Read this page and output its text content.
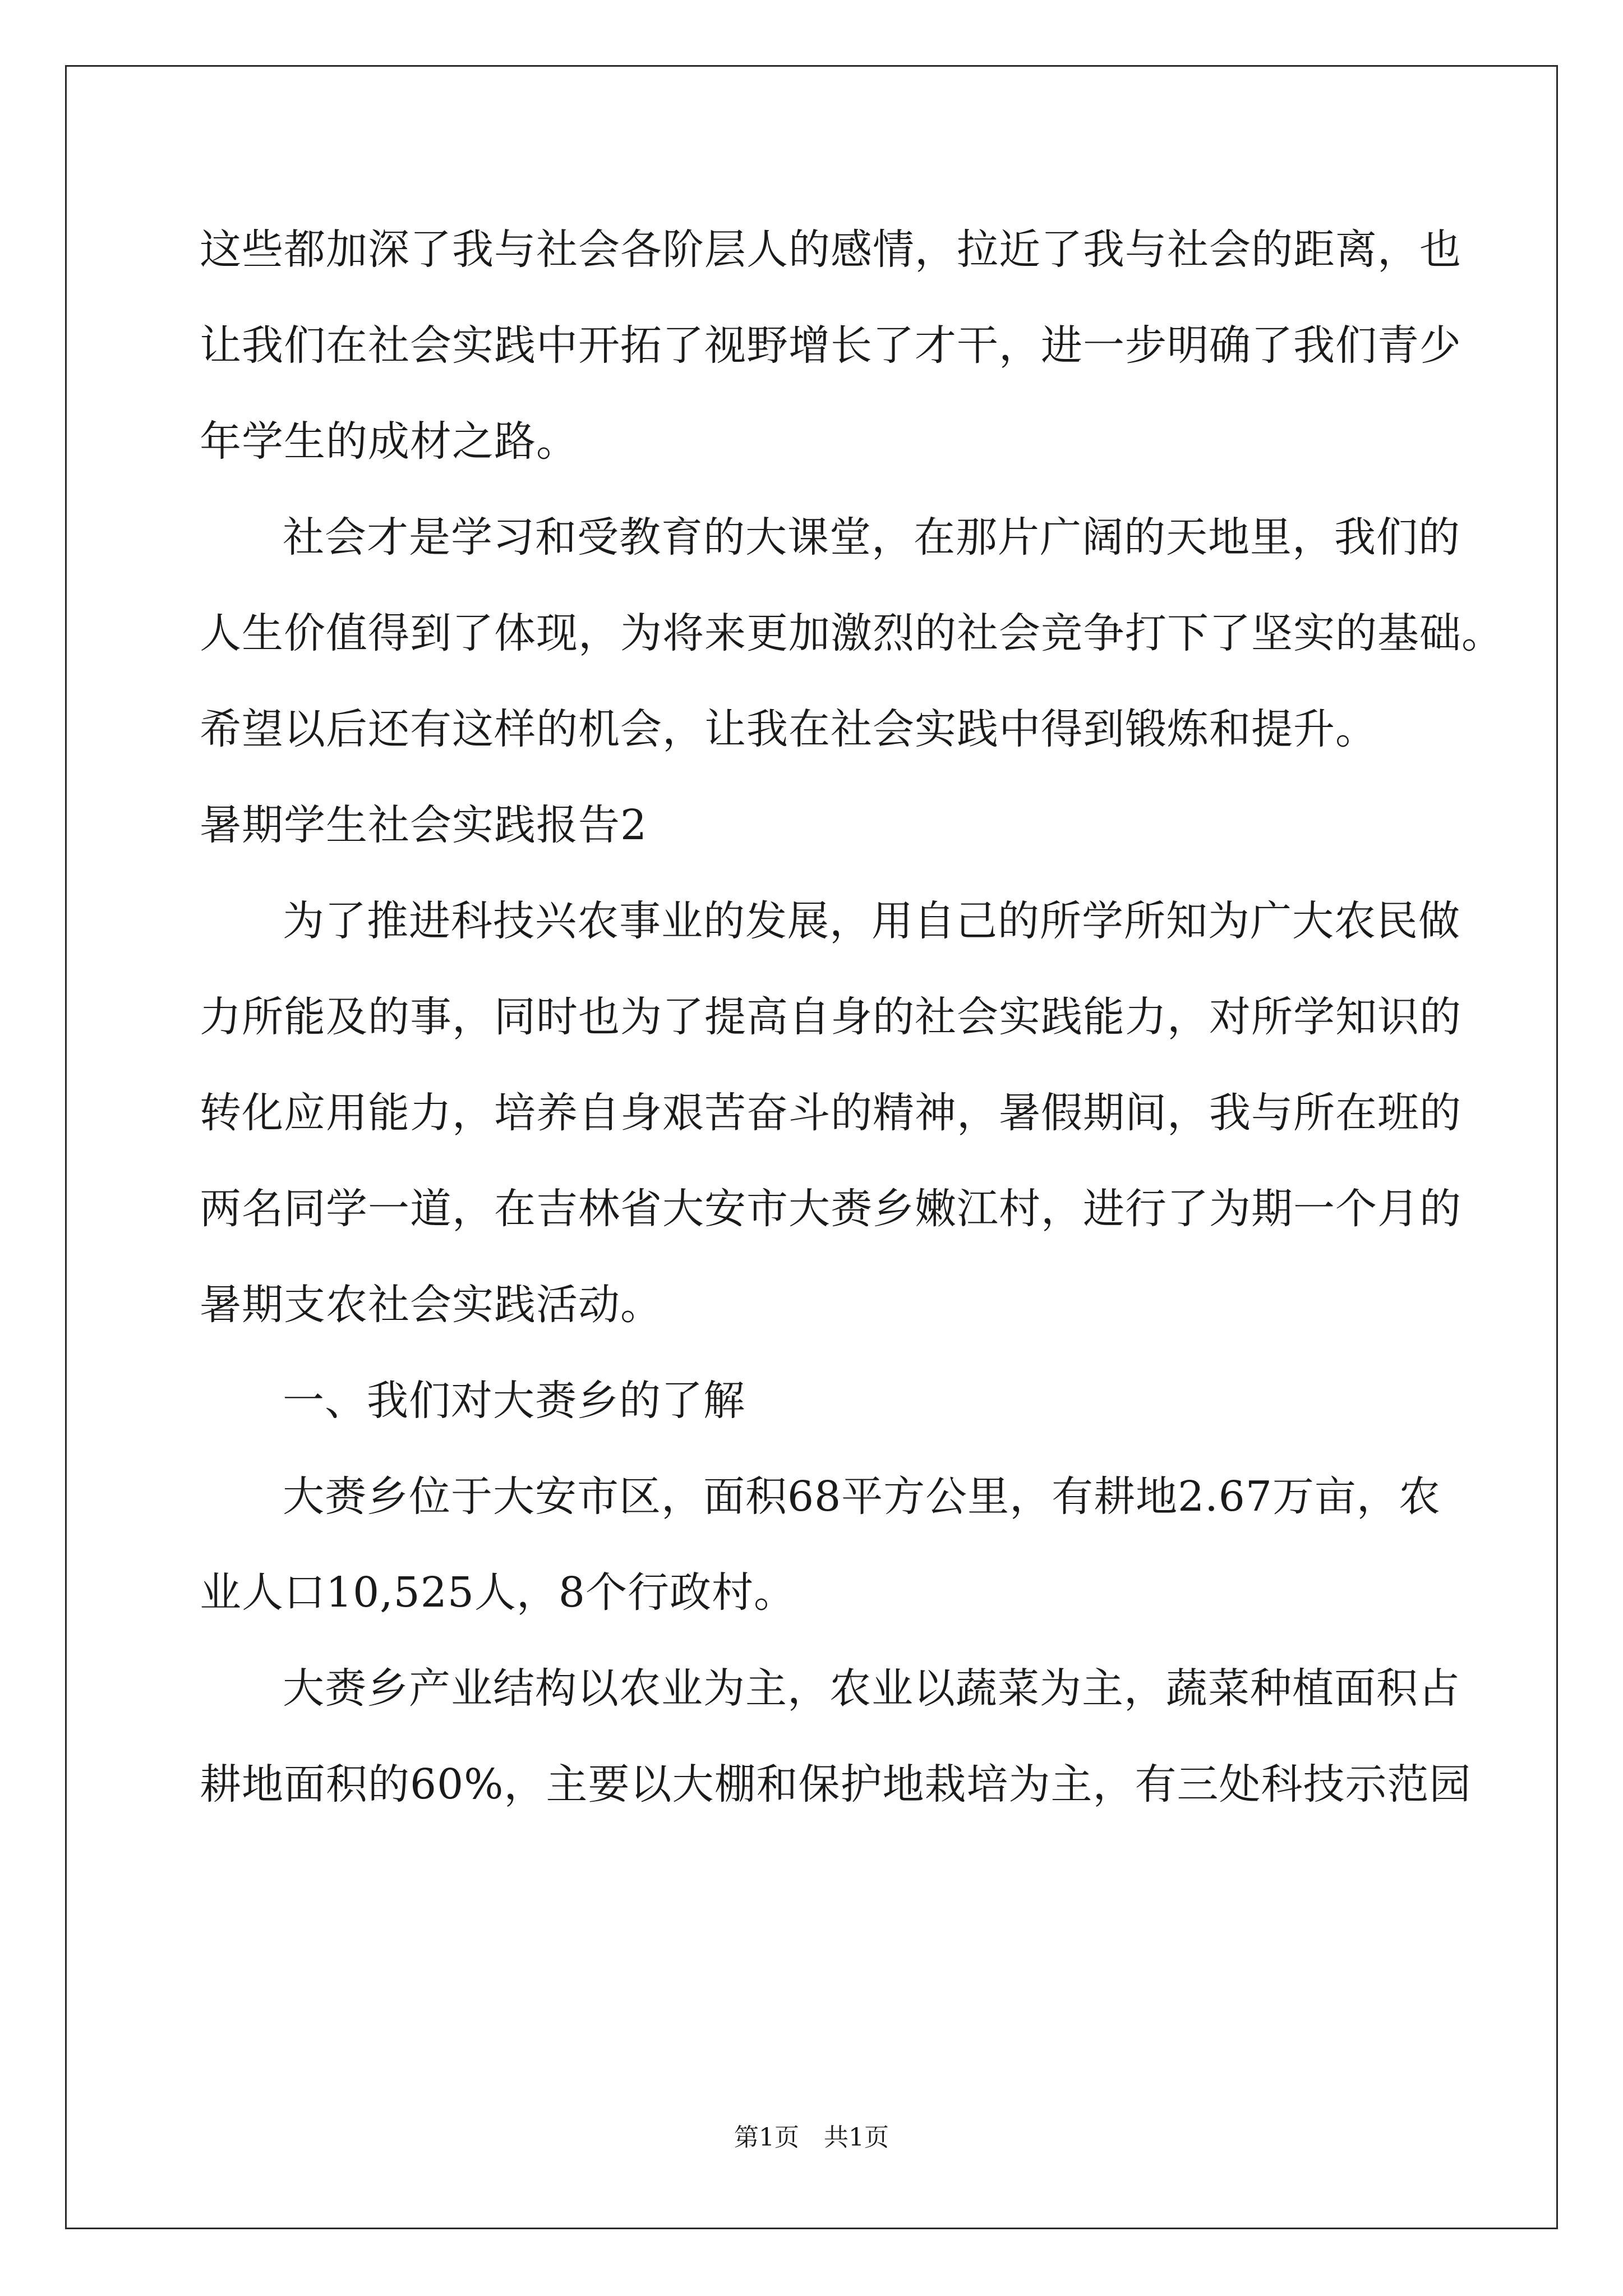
这些都加深了我与社会各阶层人的感情，拉近了我与社会的距离，也
让我们在社会实践中开拓了视野增长了才干，进一步明确了我们青少
年学生的成材之路。
社会才是学习和受教育的大课堂，在那片广阔的天地里，我们的
人生价值得到了体现，为将来更加激烈的社会竞争打下了坚实的基础。
希望以后还有这样的机会，让我在社会实践中得到锻炼和提升。
暑期学生社会实践报告2
为了推进科技兴农事业的发展，用自己的所学所知为广大农民做
力所能及的事，同时也为了提高自身的社会实践能力，对所学知识的
转化应用能力，培养自身艰苦奋斗的精神，暑假期间，我与所在班的
两名同学一道，在吉林省大安市大赉乡嫩江村，进行了为期一个月的
暑期支农社会实践活动。
一、我们对大赉乡的了解
大赉乡位于大安市区，面积68平方公里，有耕地2.67万亩，农
业人口10,525人，8个行政村。
大赉乡产业结构以农业为主，农业以蔬菜为主，蔬菜种植面积占
耕地面积的60%，主要以大棚和保护地栽培为主，有三处科技示范园
第1页　共1页
